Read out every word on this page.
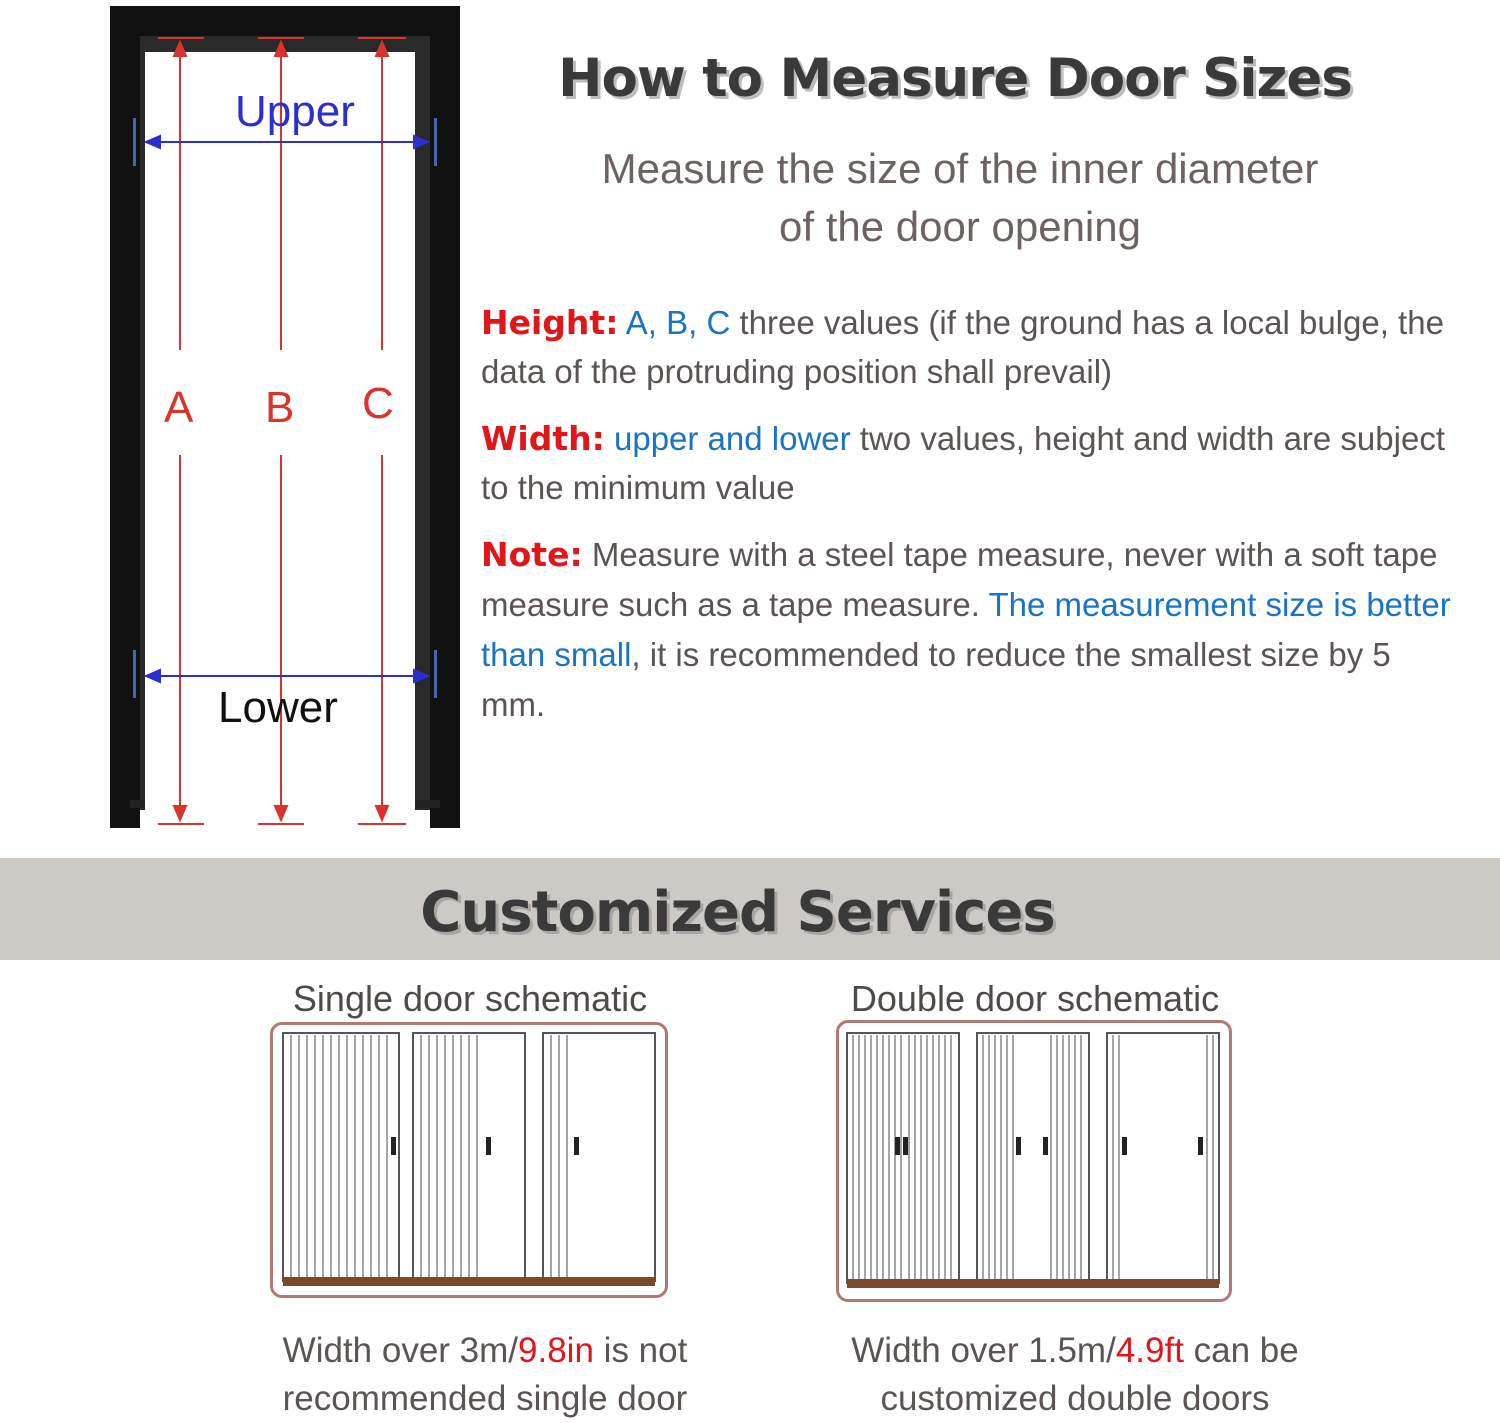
Upper
Lower
A B C
How to Measure Door Sizes
Measure the size of the inner diameter of the door opening
Height: A, B, C three values (if the ground has a local bulge, the data of the protruding position shall prevail)
Width: upper and lower two values, height and width are subject to the minimum value
Note: Measure with a steel tape measure, never with a soft tape measure such as a tape measure. The measurement size is better than small, it is recommended to reduce the smallest size by 5 mm.
Customized Services
Single door schematic	Double door schematic
Width over 3m/9.8in is not recommended single door
Width over 1.5m/4.9ft can be customized double doors
